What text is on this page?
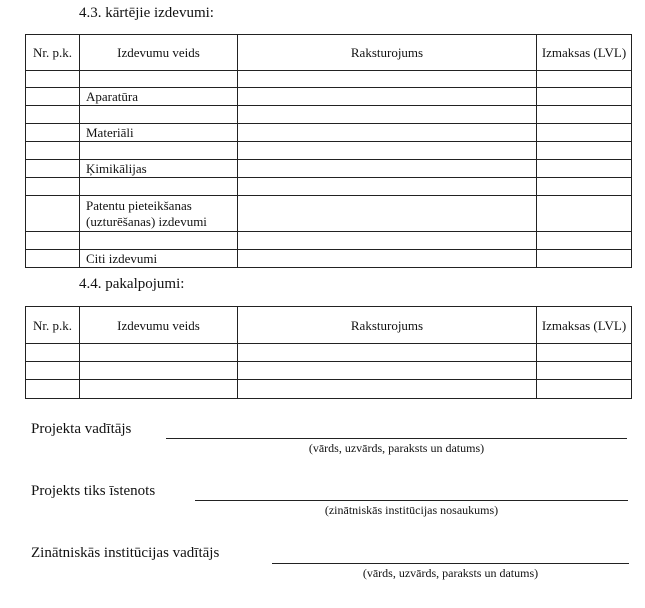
4.3. kārtējie izdevumi:
Nr. p.k.	Izdevumu veids	Raksturojums	Izmaksas (LVL)

	Aparatūra		

	Materiāli		

	Ķimikālijas		

	Patentu pieteikšanas (uzturēšanas) izdevumi		

	Citi izdevumi		
4.4. pakalpojumi:
Nr. p.k.	Izdevumu veids	Raksturojums	Izmaksas (LVL)

Projekta vadītājs
(vārds, uzvārds, paraksts un datums)
Projekts tiks īstenots
(zinātniskās institūcijas nosaukums)
Zinātniskās institūcijas vadītājs
(vārds, uzvārds, paraksts un datums)
